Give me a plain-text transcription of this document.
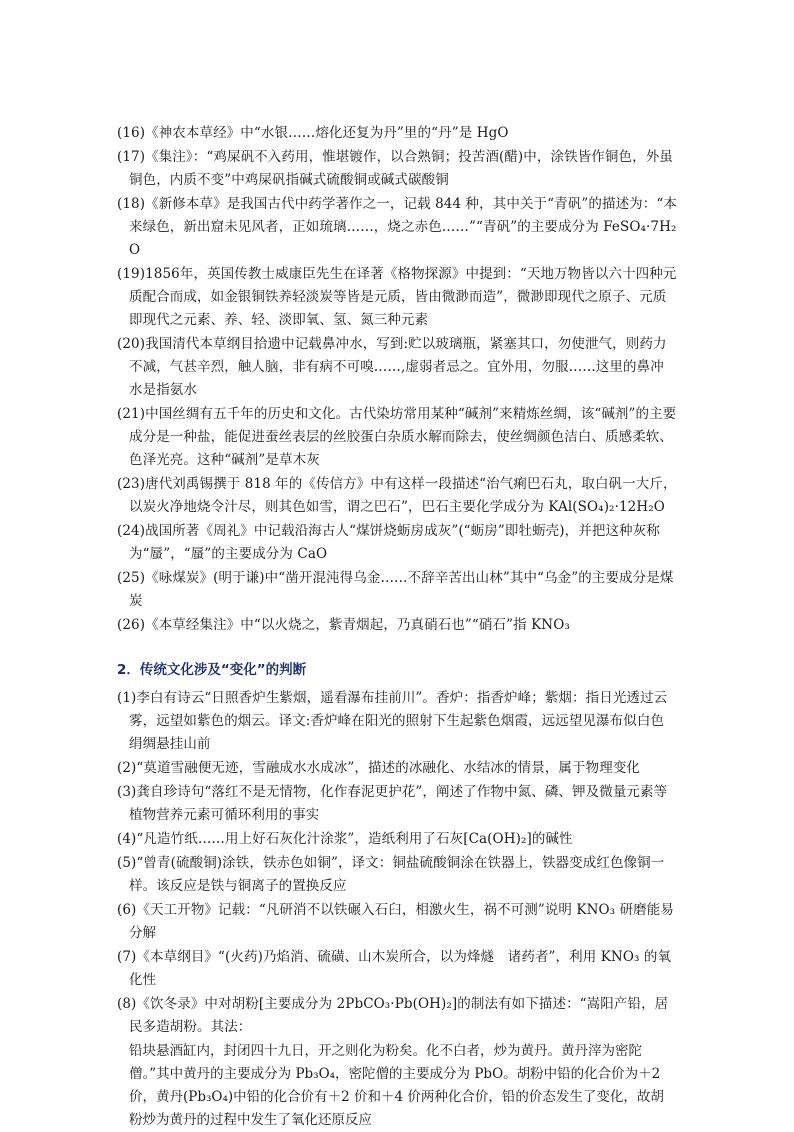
(16)《神农本草经》中“水银……熔化还复为丹”里的“丹”是 HgO

(17)《集注》：“鸡屎矾不入药用，惟堪镀作，以合熟铜；投苦酒(醋)中，涂铁皆作铜色，外虽铜色，内质不变”中鸡屎矾指碱式硫酸铜或碱式碳酸铜

(18)《新修本草》是我国古代中药学著作之一，记载 844 种，其中关于“青矾”的描述为：“本来绿色，新出窟未见风者，正如琉璃……，烧之赤色……”“青矾”的主要成分为 FeSO₄·7H₂O

(19)1856年，英国传教士威康臣先生在译著《格物探源》中提到：“天地万物皆以六十四种元质配合而成，如金银铜铁养轻淡炭等皆是元质，皆由微渺而造”，微渺即现代之原子、元质即现代之元素、养、轻、淡即氧、氢、氮三种元素

(20)我国清代本草纲目拾遗中记载鼻冲水，写到:贮以玻璃瓶，紧塞其口，勿使泄气，则药力不减，气甚辛烈，触人脑，非有病不可嗅……,虚弱者忌之。宜外用，勿服……这里的鼻冲水是指氨水

(21)中国丝绸有五千年的历史和文化。古代染坊常用某种“碱剂”来精炼丝绸，该“碱剂”的主要成分是一种盐，能促进蚕丝表层的丝胶蛋白杂质水解而除去，使丝绸颜色洁白、质感柔软、色泽光亮。这种“碱剂”是草木灰

(23)唐代刘禹锡撰于 818 年的《传信方》中有这样一段描述“治气痢巴石丸，取白矾一大斤，以炭火净地烧令汁尽，则其色如雪，谓之巴石”，巴石主要化学成分为 KAl(SO₄)₂·12H₂O

(24)战国所著《周礼》中记载沿海古人“煤饼烧蛎房成灰”(“蛎房”即牡蛎壳)，并把这种灰称为“蜃”，“蜃”的主要成分为 CaO

(25)《咏煤炭》(明于谦)中“凿开混沌得乌金……不辞辛苦出山林”其中“乌金”的主要成分是煤炭

(26)《本草经集注》中“以火烧之，紫青烟起，乃真硝石也”“硝石”指 KNO₃

2．传统文化涉及“变化”的判断

(1)李白有诗云“日照香炉生紫烟，遥看瀑布挂前川”。香炉：指香炉峰；紫烟：指日光透过云雾，远望如紫色的烟云。译文:香炉峰在阳光的照射下生起紫色烟霞，远远望见瀑布似白色绢绸悬挂山前

(2)“莫道雪融便无迹，雪融成水水成冰”，描述的冰融化、水结冰的情景，属于物理变化

(3)龚自珍诗句“落红不是无情物，化作春泥更护花”，阐述了作物中氮、磷、钾及微量元素等植物营养元素可循环利用的事实

(4)“凡造竹纸……用上好石灰化汁涂浆”，造纸利用了石灰[Ca(OH)₂]的碱性

(5)“曾青(硫酸铜)涂铁，铁赤色如铜”，译文：铜盐硫酸铜涂在铁器上，铁器变成红色像铜一样。该反应是铁与铜离子的置换反应

(6)《天工开物》记载：“凡研消不以铁碾入石臼，相激火生，祸不可测”说明 KNO₃ 研磨能易分解

(7)《本草纲目》“(火药)乃焰消、硫磺、山木炭所合，以为烽燧　诸药者”，利用 KNO₃ 的氧化性

(8)《饮冬录》中对胡粉[主要成分为 2PbCO₃·Pb(OH)₂]的制法有如下描述：“嵩阳产铅，居民多造胡粉。其法：

铅块悬酒缸内，封闭四十九日，开之则化为粉矣。化不白者，炒为黄丹。黄丹滓为密陀僧。”其中黄丹的主要成分为 Pb₃O₄，密陀僧的主要成分为 PbO。胡粉中铅的化合价为＋2 价，黄丹(Pb₃O₄)中铅的化合价有＋2 价和＋4 价两种化合价，铅的价态发生了变化，故胡粉炒为黄丹的过程中发生了氧化还原反应
